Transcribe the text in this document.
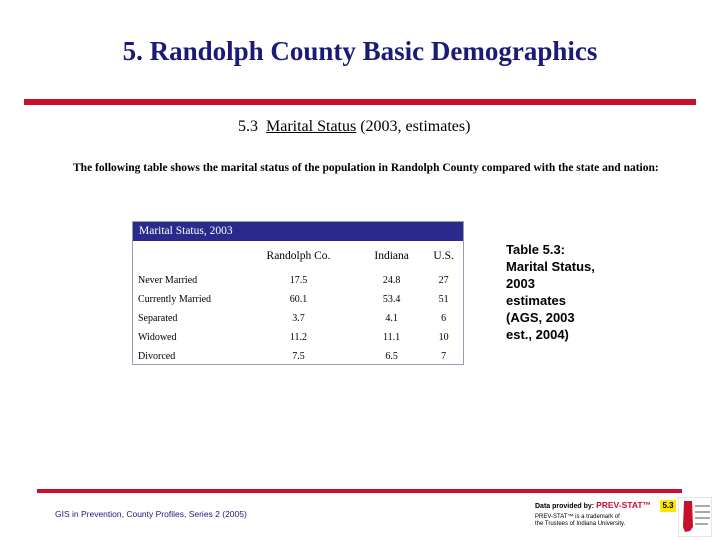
5. Randolph County Basic Demographics
5.3 Marital Status (2003, estimates)
The following table shows the marital status of the population in Randolph County compared with the state and nation:
Marital Status, 2003
	Randolph Co.	Indiana	U.S.
Never Married	17.5	24.8	27
Currently Married	60.1	53.4	51
Separated	3.7	4.1	6
Widowed	11.2	11.1	10
Divorced	7.5	6.5	7
Table 5.3: Marital Status, 2003 estimates (AGS, 2003 est., 2004)
GIS in Prevention, County Profiles, Series 2 (2005)
Data provided by: PREV-STAT™
PREV-STAT™ is a trademark of
the Trustees of Indiana University.
5.3
